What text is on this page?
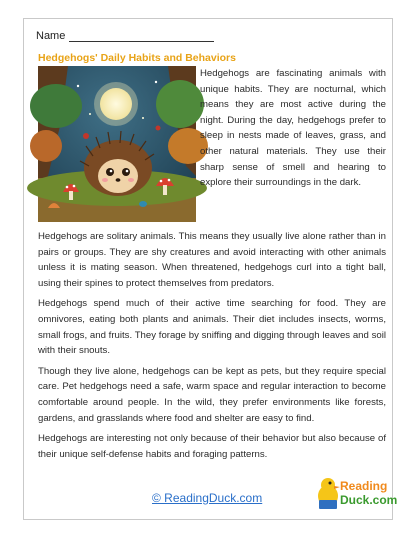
Name
Hedgehogs' Daily Habits and Behaviors

Hedgehogs are fascinating animals with unique habits. They are nocturnal, which means they are most active during the night. During the day, hedgehogs prefer to sleep in nests made of leaves, grass, and other natural materials. They use their sharp sense of smell and hearing to explore their surroundings in the dark.

Hedgehogs are solitary animals. This means they usually live alone rather than in pairs or groups. They are shy creatures and avoid interacting with other animals unless it is mating season. When threatened, hedgehogs curl into a tight ball, using their spines to protect themselves from predators.

Hedgehogs spend much of their active time searching for food. They are omnivores, eating both plants and animals. Their diet includes insects, worms, small frogs, and fruits. They forage by sniffing and digging through leaves and soil with their snouts.

Though they live alone, hedgehogs can be kept as pets, but they require special care. Pet hedgehogs need a safe, warm space and regular interaction to become comfortable around people. In the wild, they prefer environments like forests, gardens, and grasslands where food and shelter are easy to find.

Hedgehogs are interesting not only because of their behavior but also because of their unique self-defense habits and foraging patterns.

© ReadingDuck.com
Reading
Duck.com
